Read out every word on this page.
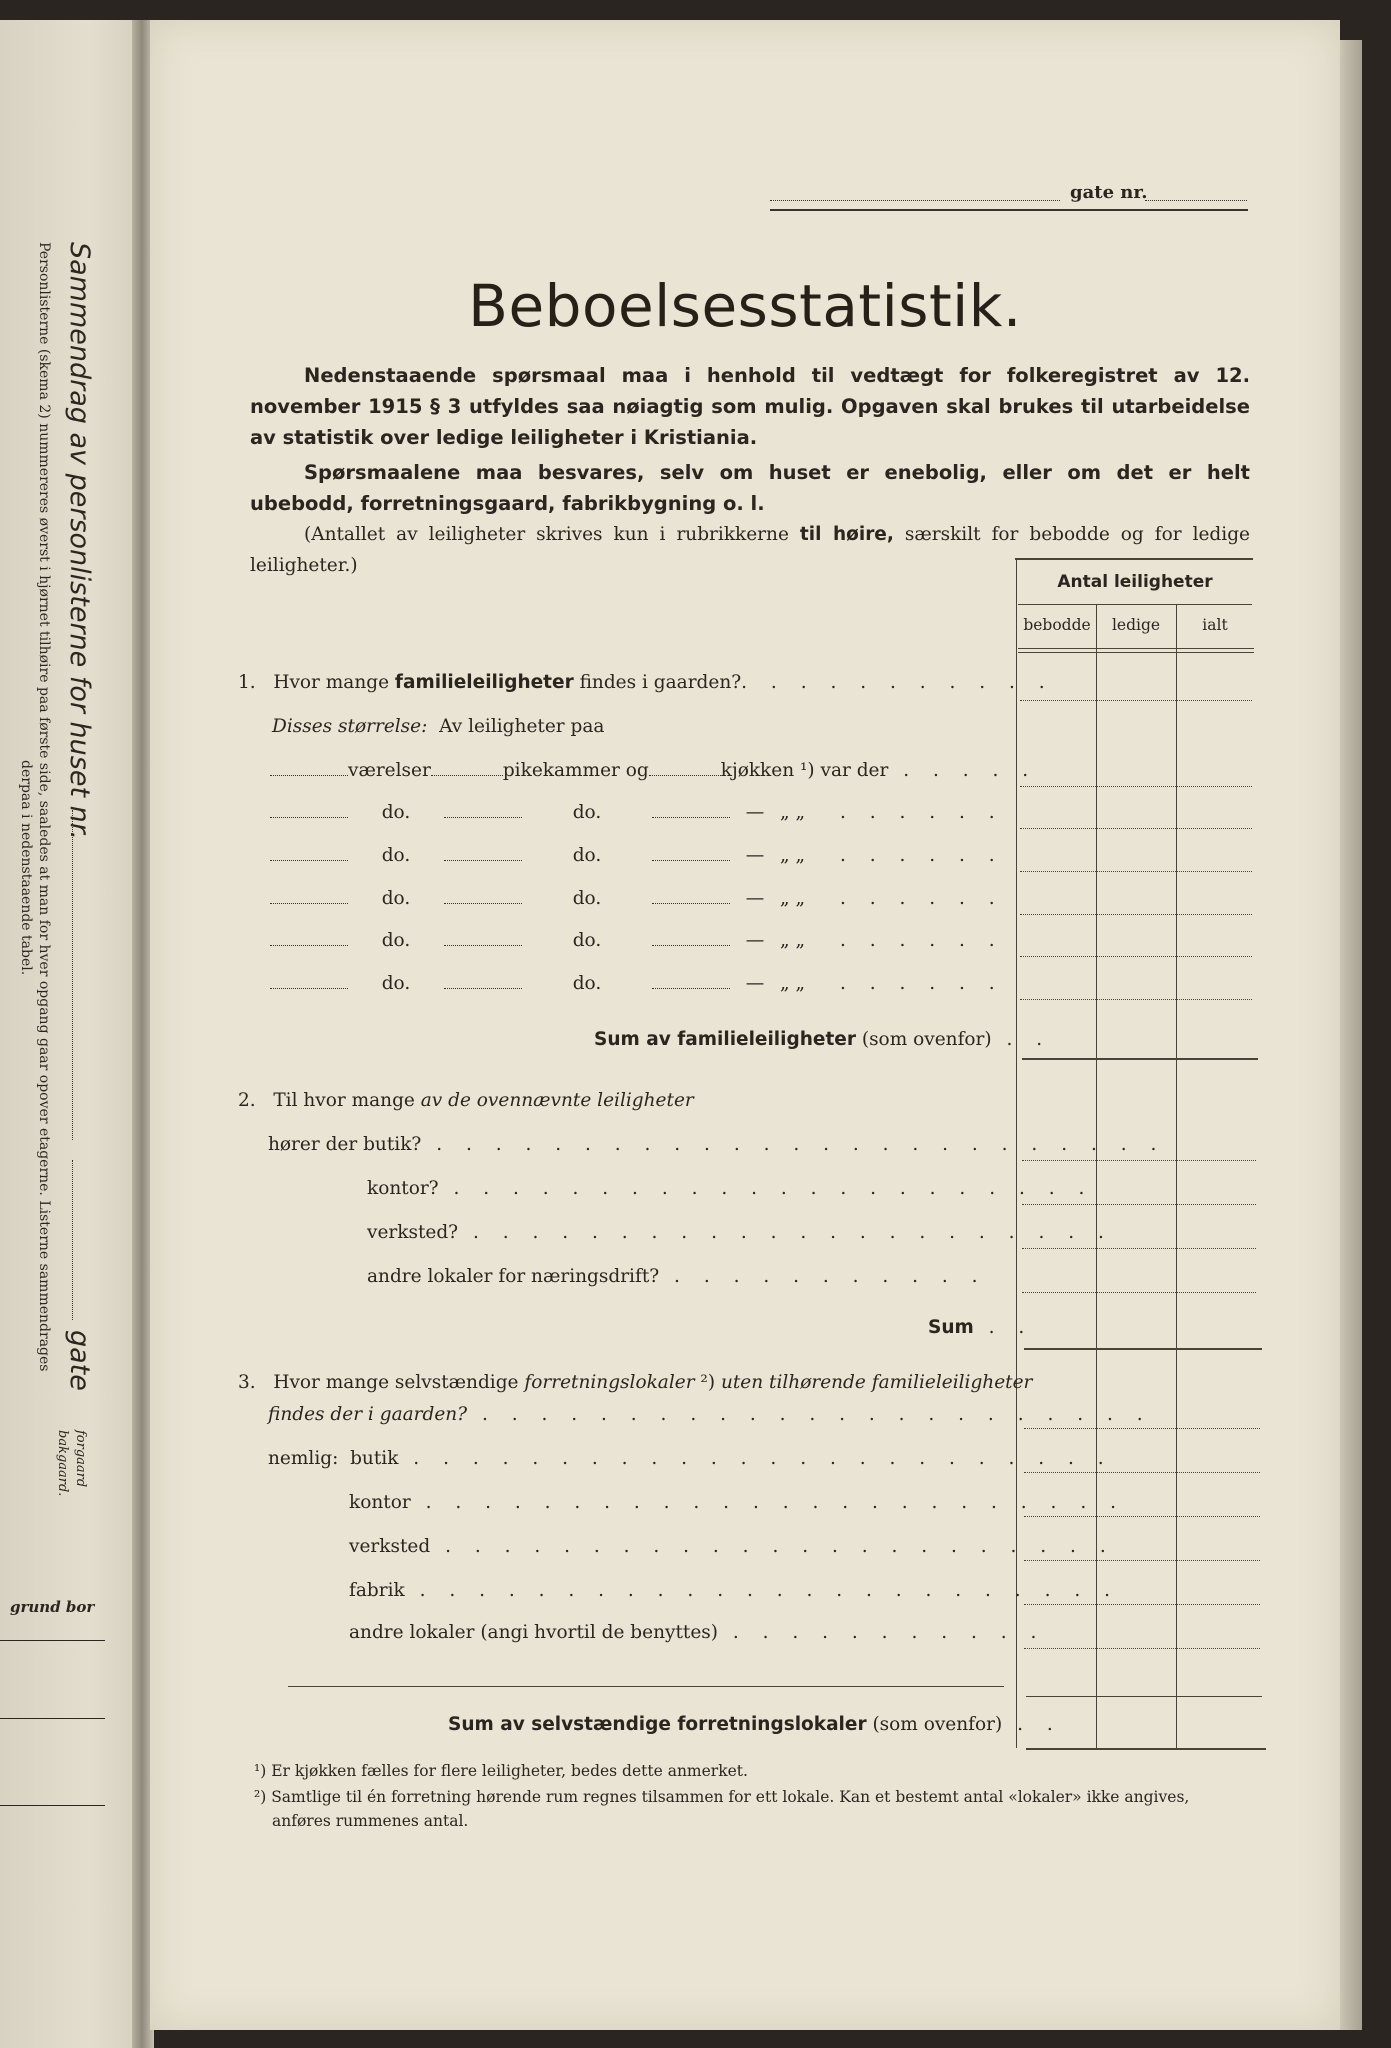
Sammendrag av personlisterne for huset nr.
gate
Personlisterne (skema 2) nummereres øverst i hjørnet tilhøire paa første side, saaledes at man for hver opgang gaar opover etagerne. Listerne sammendrages
derpaa i nedenstaaende tabel.
forgaard
bakgaard.
grund bor
gate nr.
Beboelsesstatistik.

Nedenstaaende spørsmaal maa i henhold til vedtægt for folkeregistret av 12. november 1915 § 3 utfyldes saa nøiagtig som mulig. Opgaven skal brukes til utarbeidelse av statistik over ledige leiligheter i Kristiania.

Spørsmaalene maa besvares, selv om huset er enebolig, eller om det er helt ubebodd, forretningsgaard, fabrikbygning o. l.

(Antallet av leiligheter skrives kun i rubrikkerne til høire, særskilt for bebodde og for ledige leiligheter.)

Antal leiligheter
bebodde	ledige	ialt
1. Hvor mange familieleiligheter findes i gaarden?. . . . . . . . . . .
Disses størrelse: Av leiligheter paa
værelser	pikekammer og	kjøkken ¹) var der . . . . .
do.	do.	— „ „ . . . . . .
do.	do.	— „ „ . . . . . .
do.	do.	— „ „ . . . . . .
do.	do.	— „ „ . . . . . .
do.	do.	— „ „ . . . . . .
Sum av familieleiligheter (som ovenfor) . .
2. Til hvor mange av de ovennævnte leiligheter
hører der butik? . . . . . . . . . . . . . . . . . . . . . . . . .
kontor? . . . . . . . . . . . . . . . . . . . . . .
verksted? . . . . . . . . . . . . . . . . . . . . . .
andre lokaler for næringsdrift? . . . . . . . . . . .
Sum . .
3. Hvor mange selvstændige forretningslokaler ²) uten tilhørende familieleiligheter
findes der i gaarden? . . . . . . . . . . . . . . . . . . . . . . .
nemlig: butik . . . . . . . . . . . . . . . . . . . . . . . .
kontor . . . . . . . . . . . . . . . . . . . . . . . .
verksted . . . . . . . . . . . . . . . . . . . . . . .
fabrik . . . . . . . . . . . . . . . . . . . . . . . .
andre lokaler (angi hvortil de benyttes) . . . . . . . . . . .
Sum av selvstændige forretningslokaler (som ovenfor) . .
¹) Er kjøkken fælles for flere leiligheter, bedes dette anmerket.
²) Samtlige til én forretning hørende rum regnes tilsammen for ett lokale. Kan et bestemt antal «lokaler» ikke angives,
anføres rummenes antal.
